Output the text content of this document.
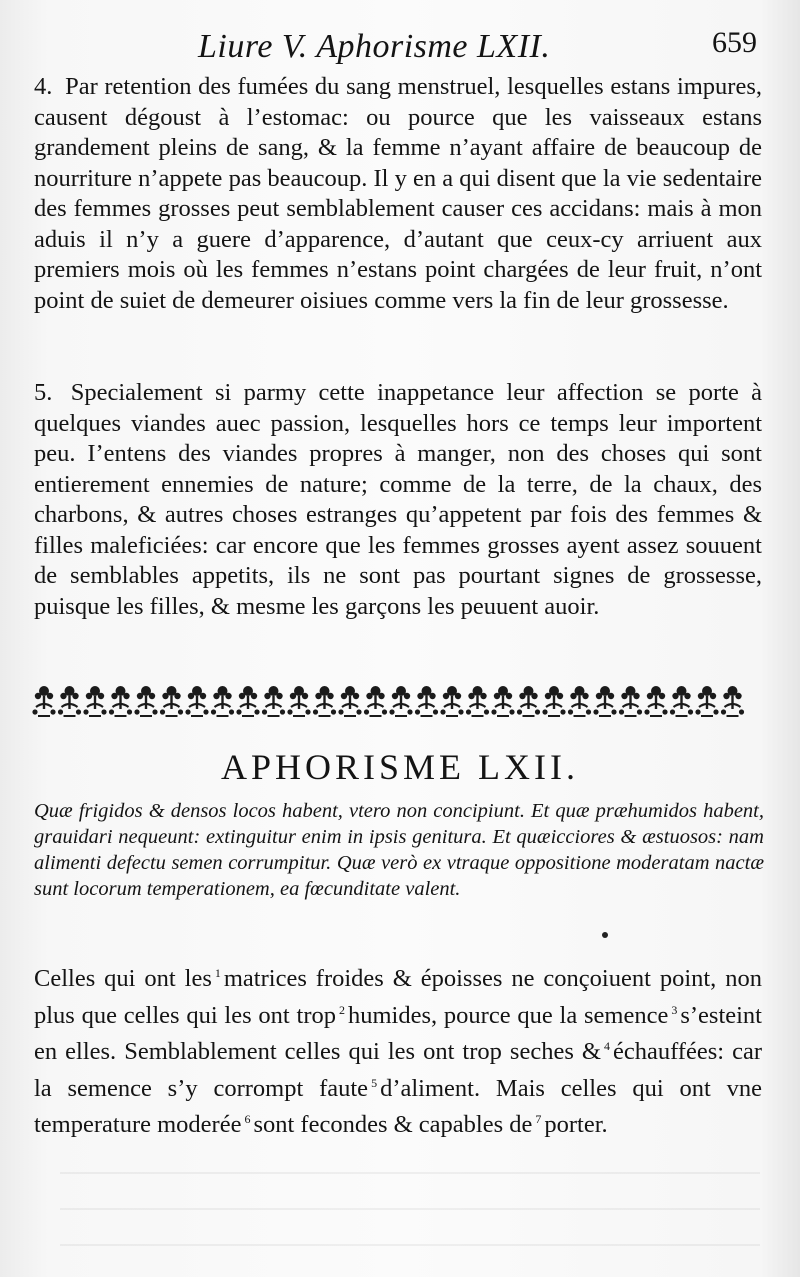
Liure V. Aphorisme LXII.	659
4. Par retention des fumées du sang menstruel, lesquelles estans impures, causent dégoust à l’estomac: ou pource que les vaisseaux estans grandement pleins de sang, & la femme n’ayant affaire de beaucoup de nourriture n’appete pas beaucoup. Il y en a qui disent que la vie sedentaire des femmes grosses peut semblablement causer ces accidans: mais à mon aduis il n’y a guere d’apparence, d’autant que ceux-cy arriuent aux premiers mois où les femmes n’estans point chargées de leur fruit, n’ont point de suiet de demeurer oisiues comme vers la fin de leur grossesse.
5. Specialement si parmy cette inappetance leur affection se porte à quelques viandes auec passion, lesquelles hors ce temps leur importent peu. I’entens des viandes propres à manger, non des choses qui sont entierement ennemies de nature; comme de la terre, de la chaux, des charbons, & autres choses estranges qu’appetent par fois des femmes & filles maleficiées: car encore que les femmes grosses ayent assez souuent de semblables appetits, ils ne sont pas pourtant signes de grossesse, puisque les filles, & mesme les garçons les peuuent auoir.
APHORISME LXII.
Quæ frigidos & densos locos habent, vtero non concipiunt. Et quæ præhumidos habent, grauidari nequeunt: extinguitur enim in ipsis genitura. Et quæicciores & æstuosos: nam alimenti defectu semen corrumpitur. Quæ verò ex vtraque oppositione moderatam nactæ sunt locorum temperationem, ea fœcunditate valent.
Celles qui ont les $^1$ matrices froides & époisses ne conçoiuent point, non plus que celles qui les ont trop $^2$ humides, pource que la semence $^3$ s’esteint en elles. Semblablement celles qui les ont trop seches & $^4$ échauffées: car la semence s’y corrompt faute $^5$ d’aliment. Mais celles qui ont vne temperature moderée $^6$ sont fecondes & capables de $^7$ porter.
